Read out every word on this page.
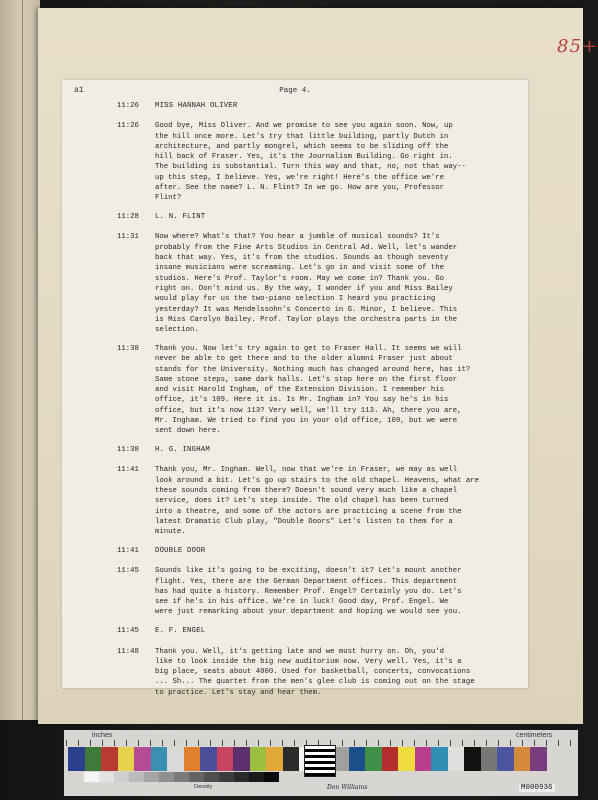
85+
a1	Page 4.
11:26	MISS HANNAH OLIVER
11:26	Good bye, Miss Oliver. And we promise to see you again soon. Now, up
the hill once more. Let's try that little building, partly Dutch in
architecture, and partly mongrel, which seems to be sliding off the
hill back of Fraser. Yes, it's the Journalism Building. Go right in.
The building is substantial. Turn this way and that, no, not that way--
up this step, I believe. Yes, we're right! Here's the office we're
after. See the name? L. N. Flint? In we go. How are you, Professor
Flint?
11:28	L. N. FLINT
11:31	Now where? What's that? You hear a jumble of musical sounds? It's
probably from the Fine Arts Studios in Central Ad. Well, let's wander
back that way. Yes, it's from the studios. Sounds as though seventy
insane musicians were screaming. Let's go in and visit some of the
studios. Here's Prof. Taylor's room. May we come in? Thank you. Go
right on. Don't mind us. By the way, I wonder if you and Miss Bailey
would play for us the two-piano selection I heard you practicing
yesterday? It was Mendelssohn's Concerto in G. Minor, I believe. This
is Miss Carolyn Bailey. Prof. Taylor plays the orchestra parts in the
selection.
11:38	Thank you. Now let's try again to get to Fraser Hall. It seems we will
never be able to get there and to the older alumni Fraser just about
stands for the University. Nothing much has changed around here, has it?
Same stone steps, same dark halls. Let's stop here on the first floor
and visit Harold Ingham, of the Extension Division. I remember his
office, it's 109. Here it is. Is Mr. Ingham in? You say he's in his
office, but it's now 113? Very well, we'll try 113. Ah, there you are,
Mr. Ingham. We tried to find you in your old office, 109, but we were
sent down here.
11:38	H. G. INGHAM
11:41	Thank you, Mr. Ingham. Well, now that we're in Fraser, we may as well
look around a bit. Let's go up stairs to the old chapel. Heavens, what are
these sounds coming from there? Doesn't sound very much like a chapel
service, does it? Let's step inside. The old chapel has been turned
into a theatre, and some of the actors are practicing a scene from the
latest Dramatic Club play, "Double Doors" Let's listen to them for a
minute.
11:41	DOUBLE DOOR
11:45	Sounds like it's going to be exciting, doesn't it? Let's mount another
flight. Yes, there are the German Department offices. This department
has had quite a history. Remember Prof. Engel? Certainly you do. Let's
see if he's in his office. We're in luck! Good day, Prof. Engel. We
were just remarking about your department and hoping we would see you.
11:45	E. F. ENGEL
11:48	Thank you. Well, it's getting late and we must hurry on. Oh, you'd
like to look inside the big new auditorium now. Very well. Yes, it's a
big place, seats about 4000. Used for basketball, concerts, convocations
... Sh... The quartet from the men's glee club is coming out on the stage
to practice. Let's stay and hear them.
inches	centimeters
Density	Don Williams	M000936
